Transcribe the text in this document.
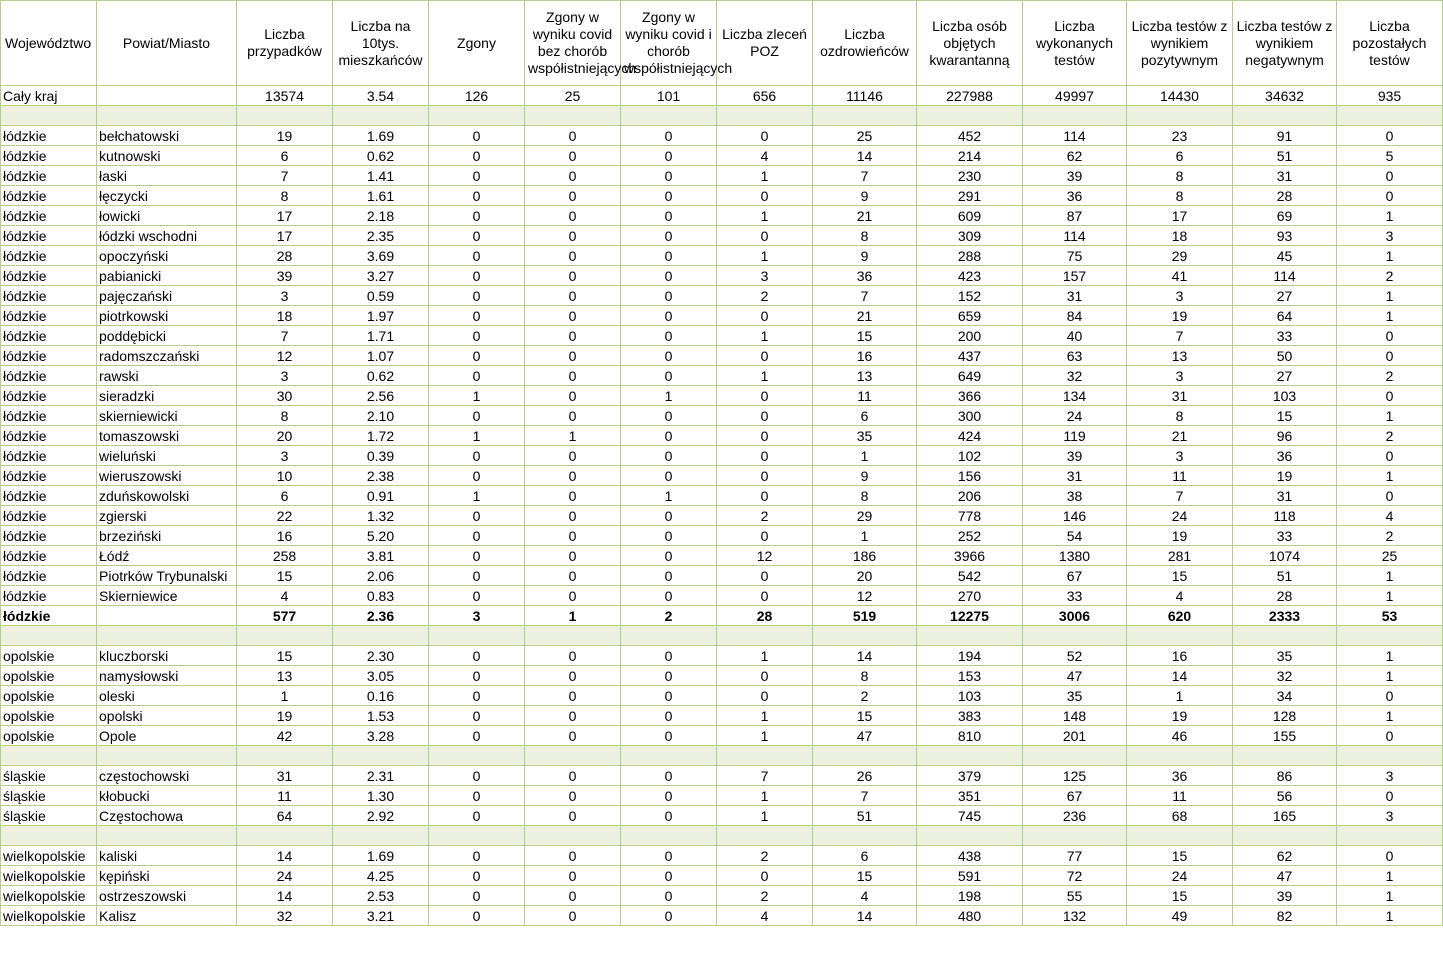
Województwo	Powiat/Miasto	Liczba przypadków	Liczba na 10tys. mieszkańców	Zgony	Zgony w wyniku covid bez chorób współistniejących	Zgony w wyniku covid i chorób współistniejących	Liczba zleceń POZ	Liczba ozdrowieńców	Liczba osób objętych kwarantanną	Liczba wykonanych testów	Liczba testów z wynikiem pozytywnym	Liczba testów z wynikiem negatywnym	Liczba pozostałych testów
Cały kraj		13574	3.54	126	25	101	656	11146	227988	49997	14430	34632	935

łódzkie	bełchatowski	19	1.69	0	0	0	0	25	452	114	23	91	0
łódzkie	kutnowski	6	0.62	0	0	0	4	14	214	62	6	51	5
łódzkie	łaski	7	1.41	0	0	0	1	7	230	39	8	31	0
łódzkie	łęczycki	8	1.61	0	0	0	0	9	291	36	8	28	0
łódzkie	łowicki	17	2.18	0	0	0	1	21	609	87	17	69	1
łódzkie	łódzki wschodni	17	2.35	0	0	0	0	8	309	114	18	93	3
łódzkie	opoczyński	28	3.69	0	0	0	1	9	288	75	29	45	1
łódzkie	pabianicki	39	3.27	0	0	0	3	36	423	157	41	114	2
łódzkie	pajęczański	3	0.59	0	0	0	2	7	152	31	3	27	1
łódzkie	piotrkowski	18	1.97	0	0	0	0	21	659	84	19	64	1
łódzkie	poddębicki	7	1.71	0	0	0	1	15	200	40	7	33	0
łódzkie	radomszczański	12	1.07	0	0	0	0	16	437	63	13	50	0
łódzkie	rawski	3	0.62	0	0	0	1	13	649	32	3	27	2
łódzkie	sieradzki	30	2.56	1	0	1	0	11	366	134	31	103	0
łódzkie	skierniewicki	8	2.10	0	0	0	0	6	300	24	8	15	1
łódzkie	tomaszowski	20	1.72	1	1	0	0	35	424	119	21	96	2
łódzkie	wieluński	3	0.39	0	0	0	0	1	102	39	3	36	0
łódzkie	wieruszowski	10	2.38	0	0	0	0	9	156	31	11	19	1
łódzkie	zduńskowolski	6	0.91	1	0	1	0	8	206	38	7	31	0
łódzkie	zgierski	22	1.32	0	0	0	2	29	778	146	24	118	4
łódzkie	brzeziński	16	5.20	0	0	0	0	1	252	54	19	33	2
łódzkie	Łódź	258	3.81	0	0	0	12	186	3966	1380	281	1074	25
łódzkie	Piotrków Trybunalski	15	2.06	0	0	0	0	20	542	67	15	51	1
łódzkie	Skierniewice	4	0.83	0	0	0	0	12	270	33	4	28	1
łódzkie		577	2.36	3	1	2	28	519	12275	3006	620	2333	53

opolskie	kluczborski	15	2.30	0	0	0	1	14	194	52	16	35	1
opolskie	namysłowski	13	3.05	0	0	0	0	8	153	47	14	32	1
opolskie	oleski	1	0.16	0	0	0	0	2	103	35	1	34	0
opolskie	opolski	19	1.53	0	0	0	1	15	383	148	19	128	1
opolskie	Opole	42	3.28	0	0	0	1	47	810	201	46	155	0

śląskie	częstochowski	31	2.31	0	0	0	7	26	379	125	36	86	3
śląskie	kłobucki	11	1.30	0	0	0	1	7	351	67	11	56	0
śląskie	Częstochowa	64	2.92	0	0	0	1	51	745	236	68	165	3

wielkopolskie	kaliski	14	1.69	0	0	0	2	6	438	77	15	62	0
wielkopolskie	kępiński	24	4.25	0	0	0	0	15	591	72	24	47	1
wielkopolskie	ostrzeszowski	14	2.53	0	0	0	2	4	198	55	15	39	1
wielkopolskie	Kalisz	32	3.21	0	0	0	4	14	480	132	49	82	1
